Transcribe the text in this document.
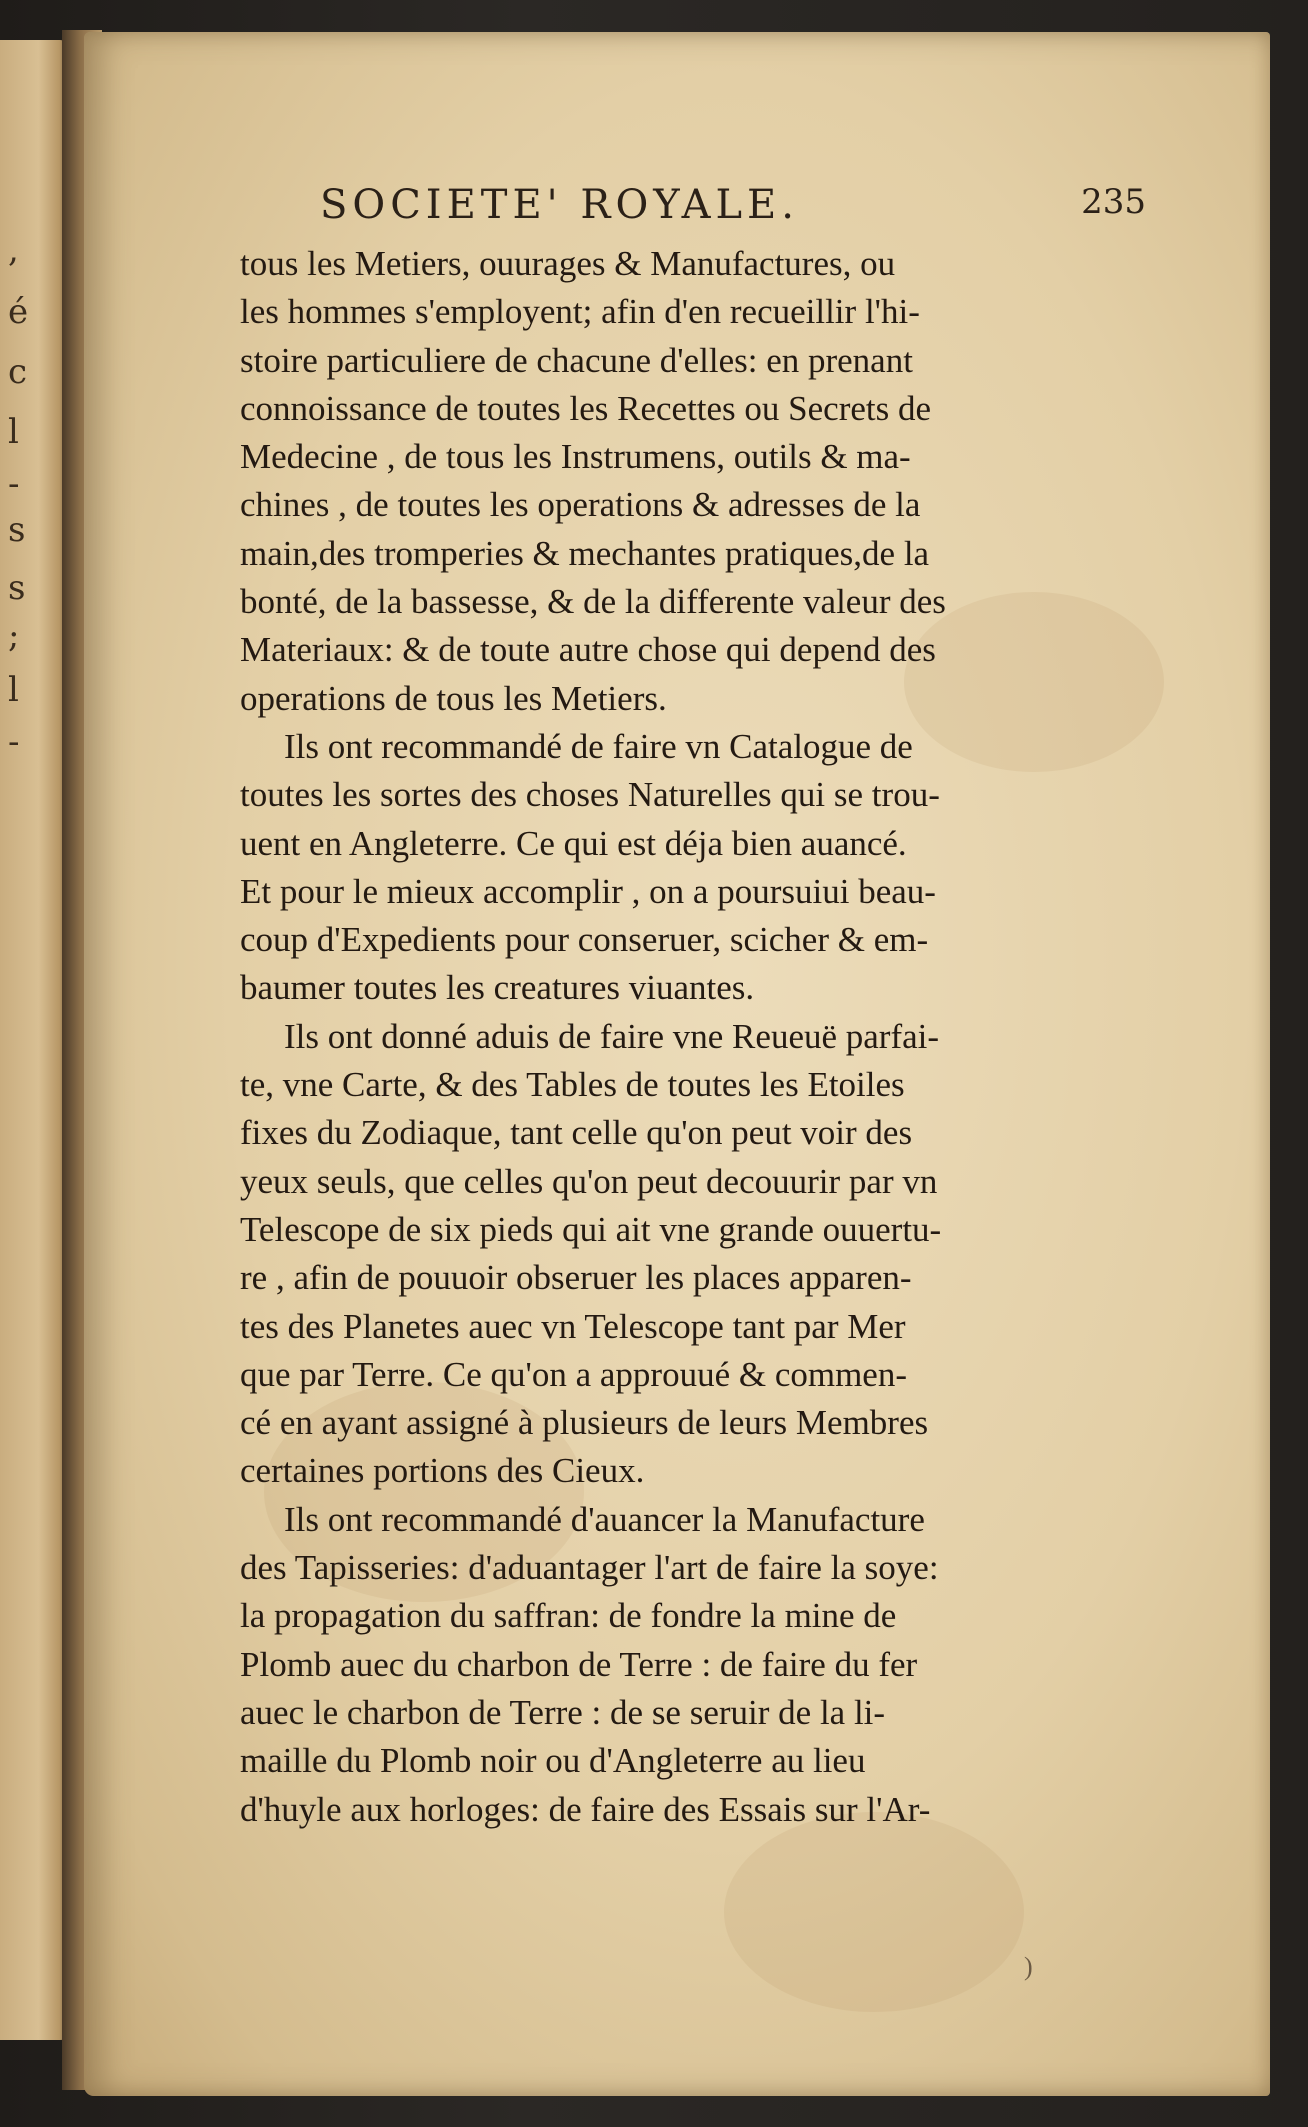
,
é
c
l
-
s
s
;
l
-
SOCIETE' ROYALE.	235
tous les Metiers, ouurages & Manufactures, ou
les hommes s'employent; afin d'en recueillir l'hi-
stoire particuliere de chacune d'elles: en prenant
connoissance de toutes les Recettes ou Secrets de
Medecine , de tous les Instrumens, outils & ma-
chines , de toutes les operations & adresses de la
main,des tromperies & mechantes pratiques,de la
bonté, de la bassesse, & de la differente valeur des
Materiaux: & de toute autre chose qui depend des
operations de tous les Metiers.
Ils ont recommandé de faire vn Catalogue de
toutes les sortes des choses Naturelles qui se trou-
uent en Angleterre. Ce qui est déja bien auancé.
Et pour le mieux accomplir , on a poursuiui beau-
coup d'Expedients pour conseruer, scicher & em-
baumer toutes les creatures viuantes.
Ils ont donné aduis de faire vne Reueuë parfai-
te, vne Carte, & des Tables de toutes les Etoiles
fixes du Zodiaque, tant celle qu'on peut voir des
yeux seuls, que celles qu'on peut decouurir par vn
Telescope de six pieds qui ait vne grande ouuertu-
re , afin de pouuoir obseruer les places apparen-
tes des Planetes auec vn Telescope tant par Mer
que par Terre. Ce qu'on a approuué & commen-
cé en ayant assigné à plusieurs de leurs Membres
certaines portions des Cieux.
Ils ont recommandé d'auancer la Manufacture
des Tapisseries: d'aduantager l'art de faire la soye:
la propagation du saffran: de fondre la mine de
Plomb auec du charbon de Terre : de faire du fer
auec le charbon de Terre : de se seruir de la li-
maille du Plomb noir ou d'Angleterre au lieu
d'huyle aux horloges: de faire des Essais sur l'Ar-
)
